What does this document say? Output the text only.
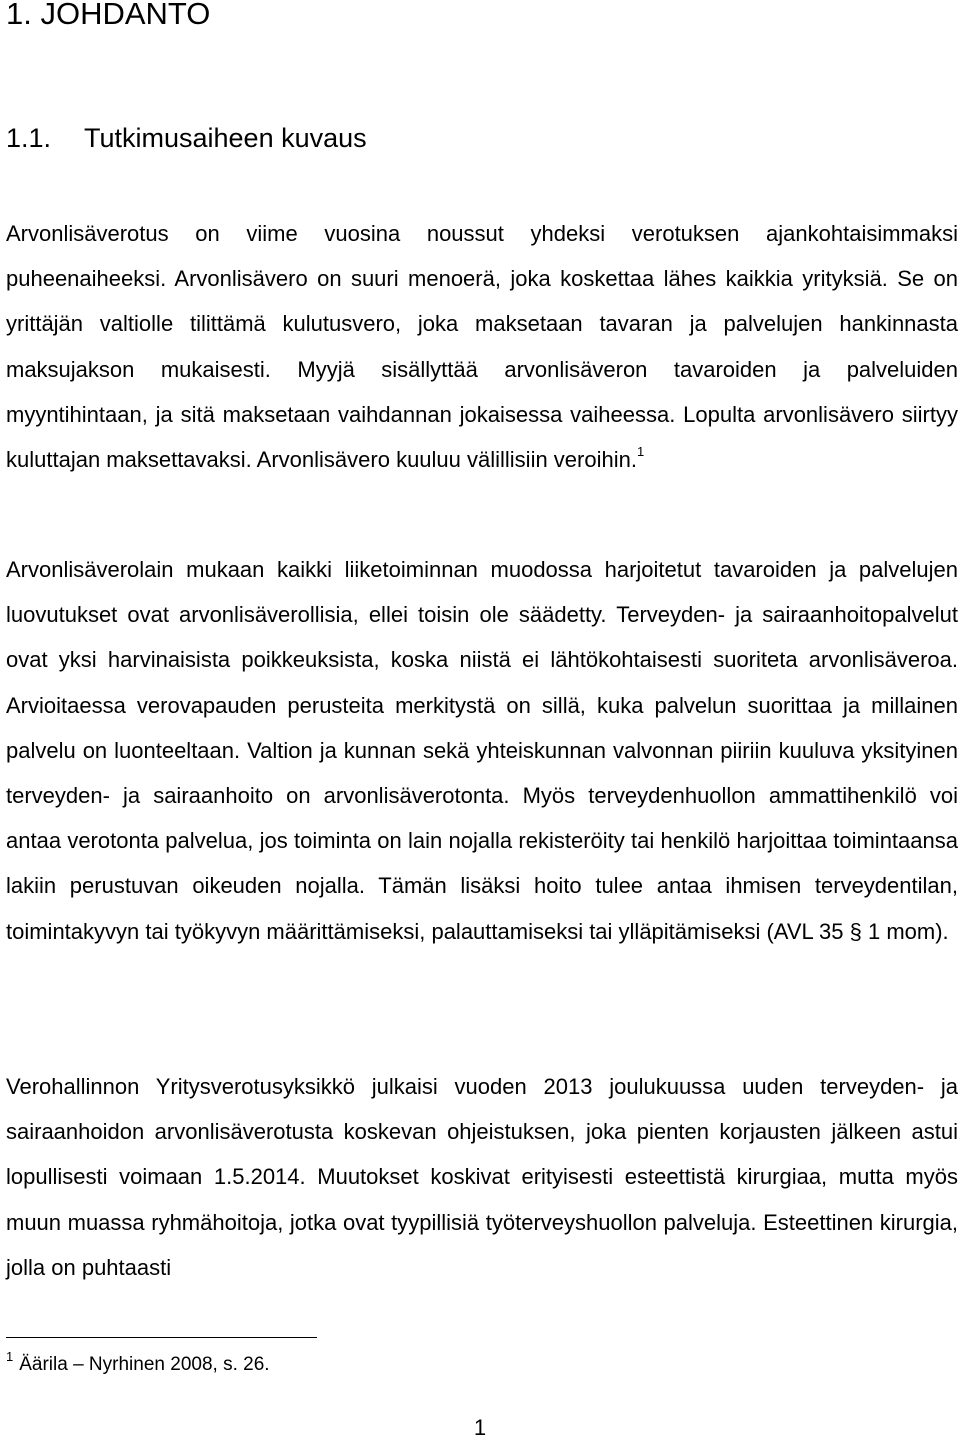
1. JOHDANTO
1.1. Tutkimusaiheen kuvaus

Arvonlisäverotus on viime vuosina noussut yhdeksi verotuksen ajankohtaisimmaksi puheenaiheeksi. Arvonlisävero on suuri menoerä, joka koskettaa lähes kaikkia yrityksiä. Se on yrittäjän valtiolle tilittämä kulutusvero, joka maksetaan tavaran ja palvelujen hankinnasta maksujakson mukaisesti. Myyjä sisällyttää arvonlisäveron tavaroiden ja palveluiden myyntihintaan, ja sitä maksetaan vaihdannan jokaisessa vaiheessa. Lopulta arvonlisävero siirtyy kuluttajan maksettavaksi. Arvonlisävero kuuluu välillisiin veroihin.$^1$

Arvonlisäverolain mukaan kaikki liiketoiminnan muodossa harjoitetut tavaroiden ja palvelujen luovutukset ovat arvonlisäverollisia, ellei toisin ole säädetty. Terveyden- ja sairaanhoitopalvelut ovat yksi harvinaisista poikkeuksista, koska niistä ei lähtökohtaisesti suoriteta arvonlisäveroa. Arvioitaessa verovapauden perusteita merkitystä on sillä, kuka palvelun suorittaa ja millainen palvelu on luonteeltaan. Valtion ja kunnan sekä yhteiskunnan valvonnan piiriin kuuluva yksityinen terveyden- ja sairaanhoito on arvonlisäverotonta. Myös terveydenhuollon ammattihenkilö voi antaa verotonta palvelua, jos toiminta on lain nojalla rekisteröity tai henkilö harjoittaa toimintaansa lakiin perustuvan oikeuden nojalla. Tämän lisäksi hoito tulee antaa ihmisen terveydentilan, toimintakyvyn tai työkyvyn määrittämiseksi, palauttamiseksi tai ylläpitämiseksi (AVL 35 § 1 mom).

Verohallinnon Yritysverotusyksikkö julkaisi vuoden 2013 joulukuussa uuden terveyden- ja sairaanhoidon arvonlisäverotusta koskevan ohjeistuksen, joka pienten korjausten jälkeen astui lopullisesti voimaan 1.5.2014. Muutokset koskivat erityisesti esteettistä kirurgiaa, mutta myös muun muassa ryhmähoitoja, jotka ovat tyypillisiä työterveyshuollon palveluja. Esteettinen kirurgia, jolla on puhtaasti

$^1$ Äärila – Nyrhinen 2008, s. 26.
1
